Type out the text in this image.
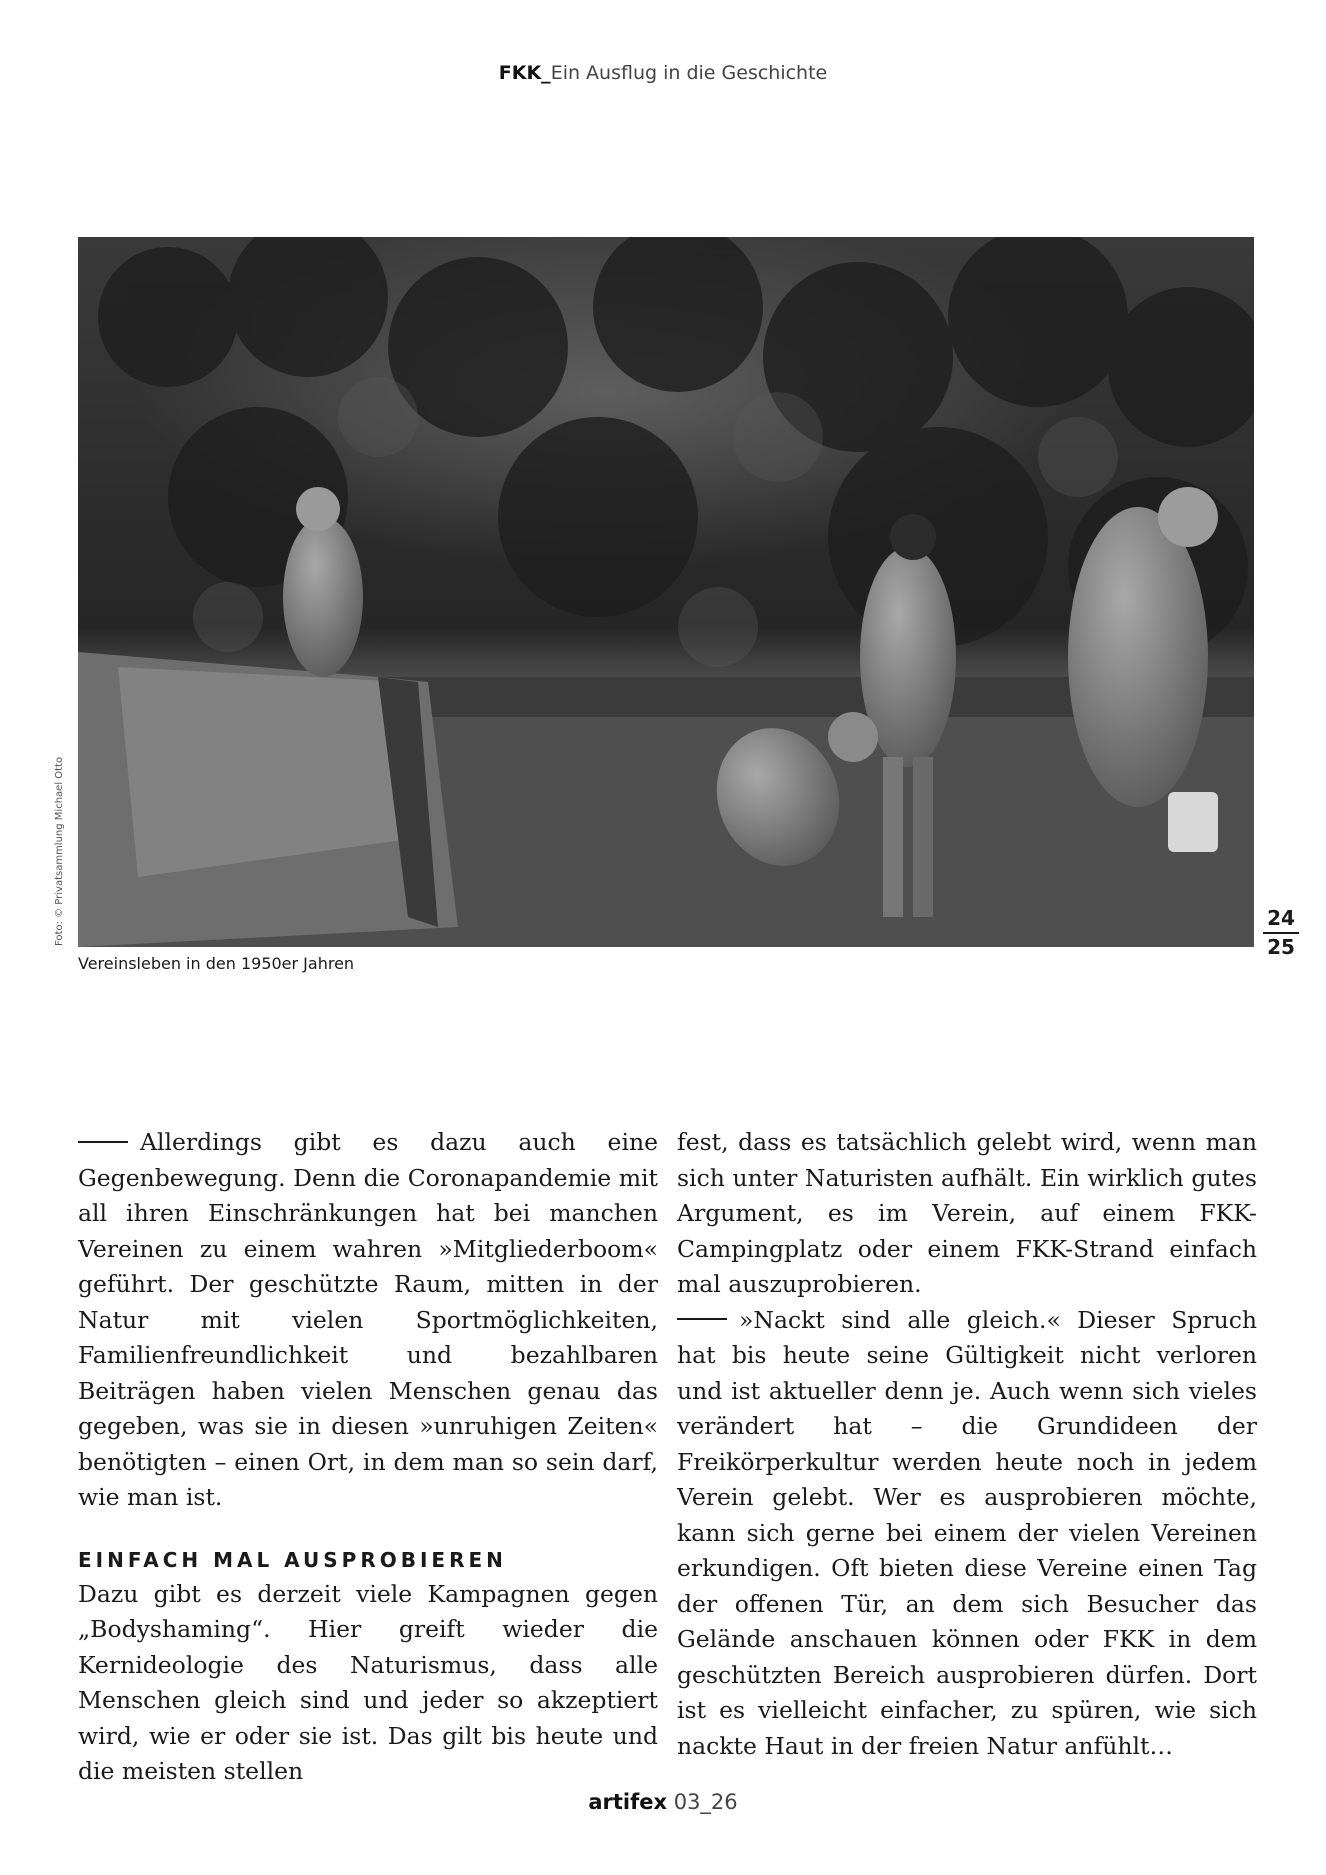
FKK_Ein Ausflug in die Geschichte
Foto: © Privatsammlung Michael Otto
Vereinsleben in den 1950er Jahren
24
25

Allerdings gibt es dazu auch eine Gegenbewegung. Denn die Coronapandemie mit all ihren Einschränkungen hat bei manchen Vereinen zu einem wahren »Mitgliederboom« geführt. Der geschützte Raum, mitten in der Natur mit vielen Sportmöglichkeiten, Familienfreundlichkeit und bezahlbaren Beiträgen haben vielen Menschen genau das gegeben, was sie in diesen »unruhigen Zeiten« benötigten – einen Ort, in dem man so sein darf, wie man ist.

EINFACH MAL AUSPROBIEREN

Dazu gibt es derzeit viele Kampagnen gegen „Bodyshaming“. Hier greift wieder die Kernideologie des Naturismus, dass alle Menschen gleich sind und jeder so akzeptiert wird, wie er oder sie ist. Das gilt bis heute und die meisten stellen

fest, dass es tatsächlich gelebt wird, wenn man sich unter Naturisten aufhält. Ein wirklich gutes Argument, es im Verein, auf einem FKK-Campingplatz oder einem FKK-Strand einfach mal auszuprobieren.

»Nackt sind alle gleich.« Dieser Spruch hat bis heute seine Gültigkeit nicht verloren und ist aktueller denn je. Auch wenn sich vieles verändert hat – die Grundideen der Freikörperkultur werden heute noch in jedem Verein gelebt. Wer es ausprobieren möchte, kann sich gerne bei einem der vielen Vereinen erkundigen. Oft bieten diese Vereine einen Tag der offenen Tür, an dem sich Besucher das Gelände anschauen können oder FKK in dem geschützten Bereich ausprobieren dürfen. Dort ist es vielleicht einfacher, zu spüren, wie sich nackte Haut in der freien Natur anfühlt…

artifex 03_26
